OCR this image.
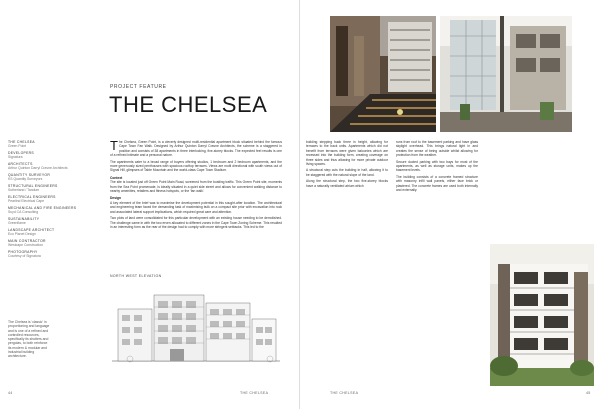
PROJECT FEATURE
THE CHELSEA
THE CHELSEA
Green Point
DEVELOPERS
Signatura
ARCHITECTS
Arthur Quinton Darryl Cravne Architects
QUANTITY SURVEYOR
KS Quantity Surveyors
STRUCTURAL ENGINEERS
Sutherland / Tandum
ELECTRICAL ENGINEERS
Pearlind Electrical Cape
MECHANICAL AND FIRE ENGINEERS
Suyd CA Consulting
SUSTAINABILITY
Greenflame
LANDSCAPE ARCHITECT
Eco Planet Design
MAIN CONTRACTOR
Westcape Construction
PHOTOGRAPHY
Courtesy of Signatura

The Chelsea, Green Point, is a cleverly designed multi-residential apartment block situated behind the famous Cape Town Fan Walk. Designed by Arthur Quinton Darryl Cravne Architects, the scheme is a staggered in position and consists of 38 apartments in three interlocking, five-storey blocks. The expected feel results is one of a refined intimate and a personal nature.

The apartments cater to a broad range of buyers offering studios, 1 bedroom and 2 bedroom apartments, and the more generously sized penthouses with spacious rooftop terraces. Views are multi directional with south views out of Signal Hill, glimpses of Table Mountain and the world-class Cape Town Stadium.

Context

The site is located just off Green Point Main Road, screened from the bustling traffic. This Green Point site, moments from the Sea Point promenade, is ideally situated in a quiet side street and allows for convenient walking distance to nearby amenities, retailers and fitness hotspots, or the 'fan walk'.

Design

A key element of the brief was to maximise the development potential in this sought-after location. The architectural and engineering team faced the demanding task of maximising bulk on a compact site prior with excavation into rock and associated lateral support implications, which required great care and attention.

Two plots of land were consolidated for this particular development with an existing house needing to be demolished. The challenge came in with the two erven allocated to different zones in the Cape Town Zoning Scheme. This resulted in an interesting form as the rear of the design had to comply with more stringent setbacks. This led to the

NORTH WEST ELEVATION
The Chelsea is 'classic' in proportioning and language and is one of a refined and controlled resources, specifically its shutters and pergolas, to both reinforce its modern & modular and industrial building architecture.
44	THE CHELSEA

building stepping back three in height, allowing for terraces to the back units. Apartments which did not benefit from terraces were given balconies which are recessed into the building form, creating coverage on three sides and thus allowing for more private outdoor living spaces.

A structural step cuts the building in half, allowing it to be staggered with the natural slope of the land.

Along the structural step, the two five-storey blocks have a naturally ventilated atrium which

runs from roof to the basement parking and have glass skylight overhead. This brings natural light in and creates the sense of being outside whilst allowing for protection from the weather.

Secure ducted parking with two bays for most of the apartments, as well as storage units, makes up the basement levels.

The building consists of a concrete framed structure with masonry infill wall panels, either face brick or plastered. The concrete frames are used both internally and externally.

THE CHELSEA	45
